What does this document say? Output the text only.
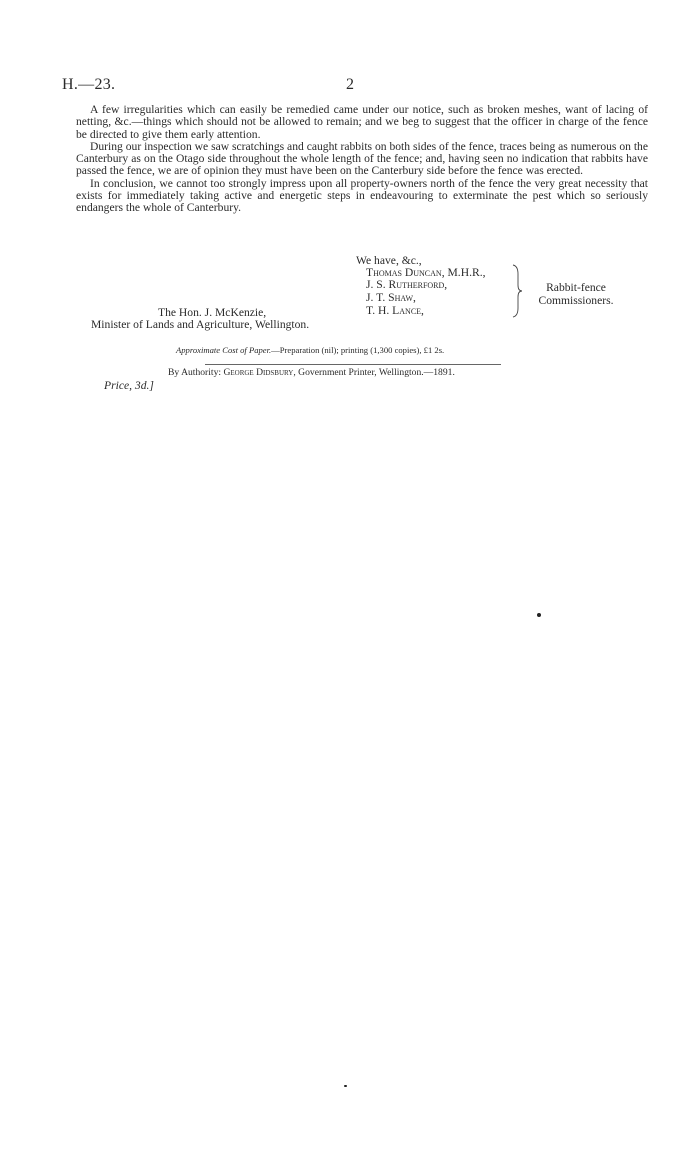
H.—23.	2

A few irregularities which can easily be remedied came under our notice, such as broken meshes, want of lacing of netting, &c.—things which should not be allowed to remain; and we beg to suggest that the officer in charge of the fence be directed to give them early attention.

During our inspection we saw scratchings and caught rabbits on both sides of the fence, traces being as numerous on the Canterbury as on the Otago side throughout the whole length of the fence; and, having seen no indication that rabbits have passed the fence, we are of opinion they must have been on the Canterbury side before the fence was erected.

In conclusion, we cannot too strongly impress upon all property-owners north of the fence the very great necessity that exists for immediately taking active and energetic steps in endeavouring to exterminate the pest which so seriously endangers the whole of Canterbury.

We have, &c.,
Thomas Duncan, M.H.R.,
J. S. Rutherford,
J. T. Shaw,
T. H. Lance,
Rabbit-fence
Commissioners.
The Hon. J. McKenzie,
Minister of Lands and Agriculture, Wellington.
Approximate Cost of Paper.—Preparation (nil); printing (1,300 copies), £1 2s.
By Authority: George Didsbury, Government Printer, Wellington.—1891.
Price, 3d.]
